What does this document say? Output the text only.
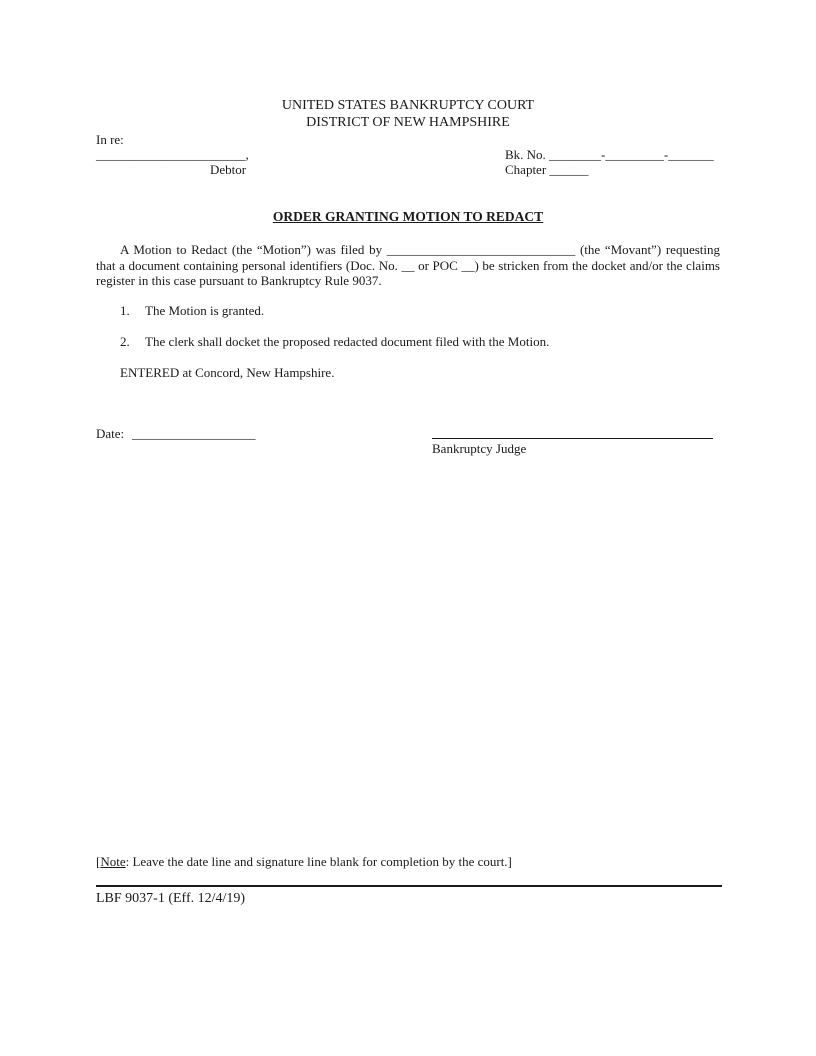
UNITED STATES BANKRUPTCY COURT
DISTRICT OF NEW HAMPSHIRE
In re:
_______________________,
Debtor
Bk. No. ________-_________-_______
Chapter ______
ORDER GRANTING MOTION TO REDACT
A Motion to Redact (the “Motion”) was filed by _____________________________ (the “Movant”) requesting that a document containing personal identifiers (Doc. No. __ or POC __) be stricken from the docket and/or the claims register in this case pursuant to Bankruptcy Rule 9037.
1. The Motion is granted.
2. The clerk shall docket the proposed redacted document filed with the Motion.
ENTERED at Concord, New Hampshire.
Date: ___________________
Bankruptcy Judge
[Note: Leave the date line and signature line blank for completion by the court.]
LBF 9037-1 (Eff. 12/4/19)
